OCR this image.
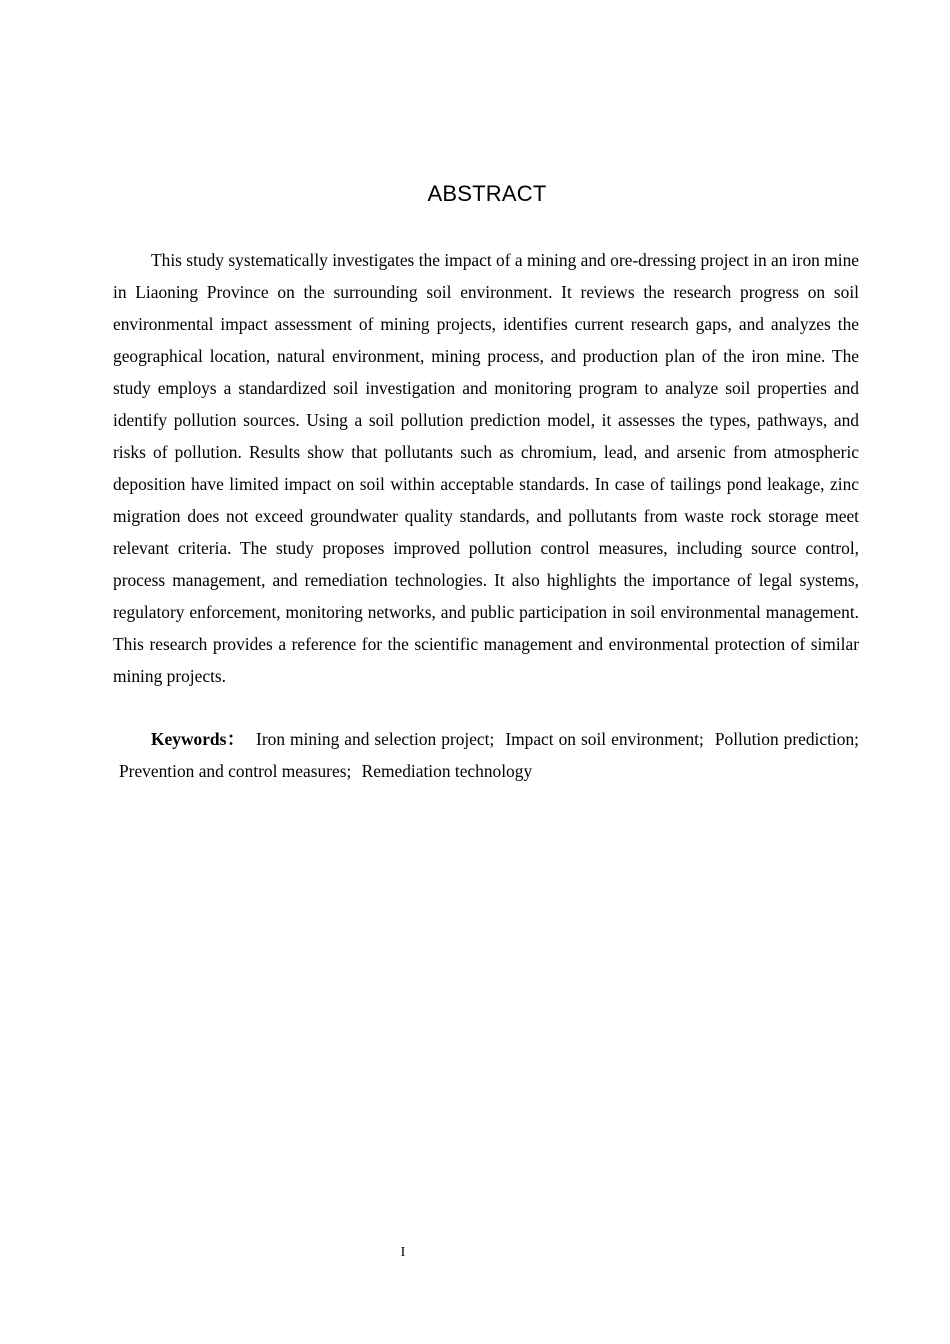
ABSTRACT

This study systematically investigates the impact of a mining and ore-dressing project in an iron mine in Liaoning Province on the surrounding soil environment. It reviews the research progress on soil environmental impact assessment of mining projects, identifies current research gaps, and analyzes the geographical location, natural environment, mining process, and production plan of the iron mine. The study employs a standardized soil investigation and monitoring program to analyze soil properties and identify pollution sources. Using a soil pollution prediction model, it assesses the types, pathways, and risks of pollution. Results show that pollutants such as chromium, lead, and arsenic from atmospheric deposition have limited impact on soil within acceptable standards. In case of tailings pond leakage, zinc migration does not exceed groundwater quality standards, and pollutants from waste rock storage meet relevant criteria. The study proposes improved pollution control measures, including source control, process management, and remediation technologies. It also highlights the importance of legal systems, regulatory enforcement, monitoring networks, and public participation in soil environmental management. This research provides a reference for the scientific management and environmental protection of similar mining projects.

Keywords： Iron mining and selection project; Impact on soil environment; Pollution prediction; Prevention and control measures; Remediation technology

I
